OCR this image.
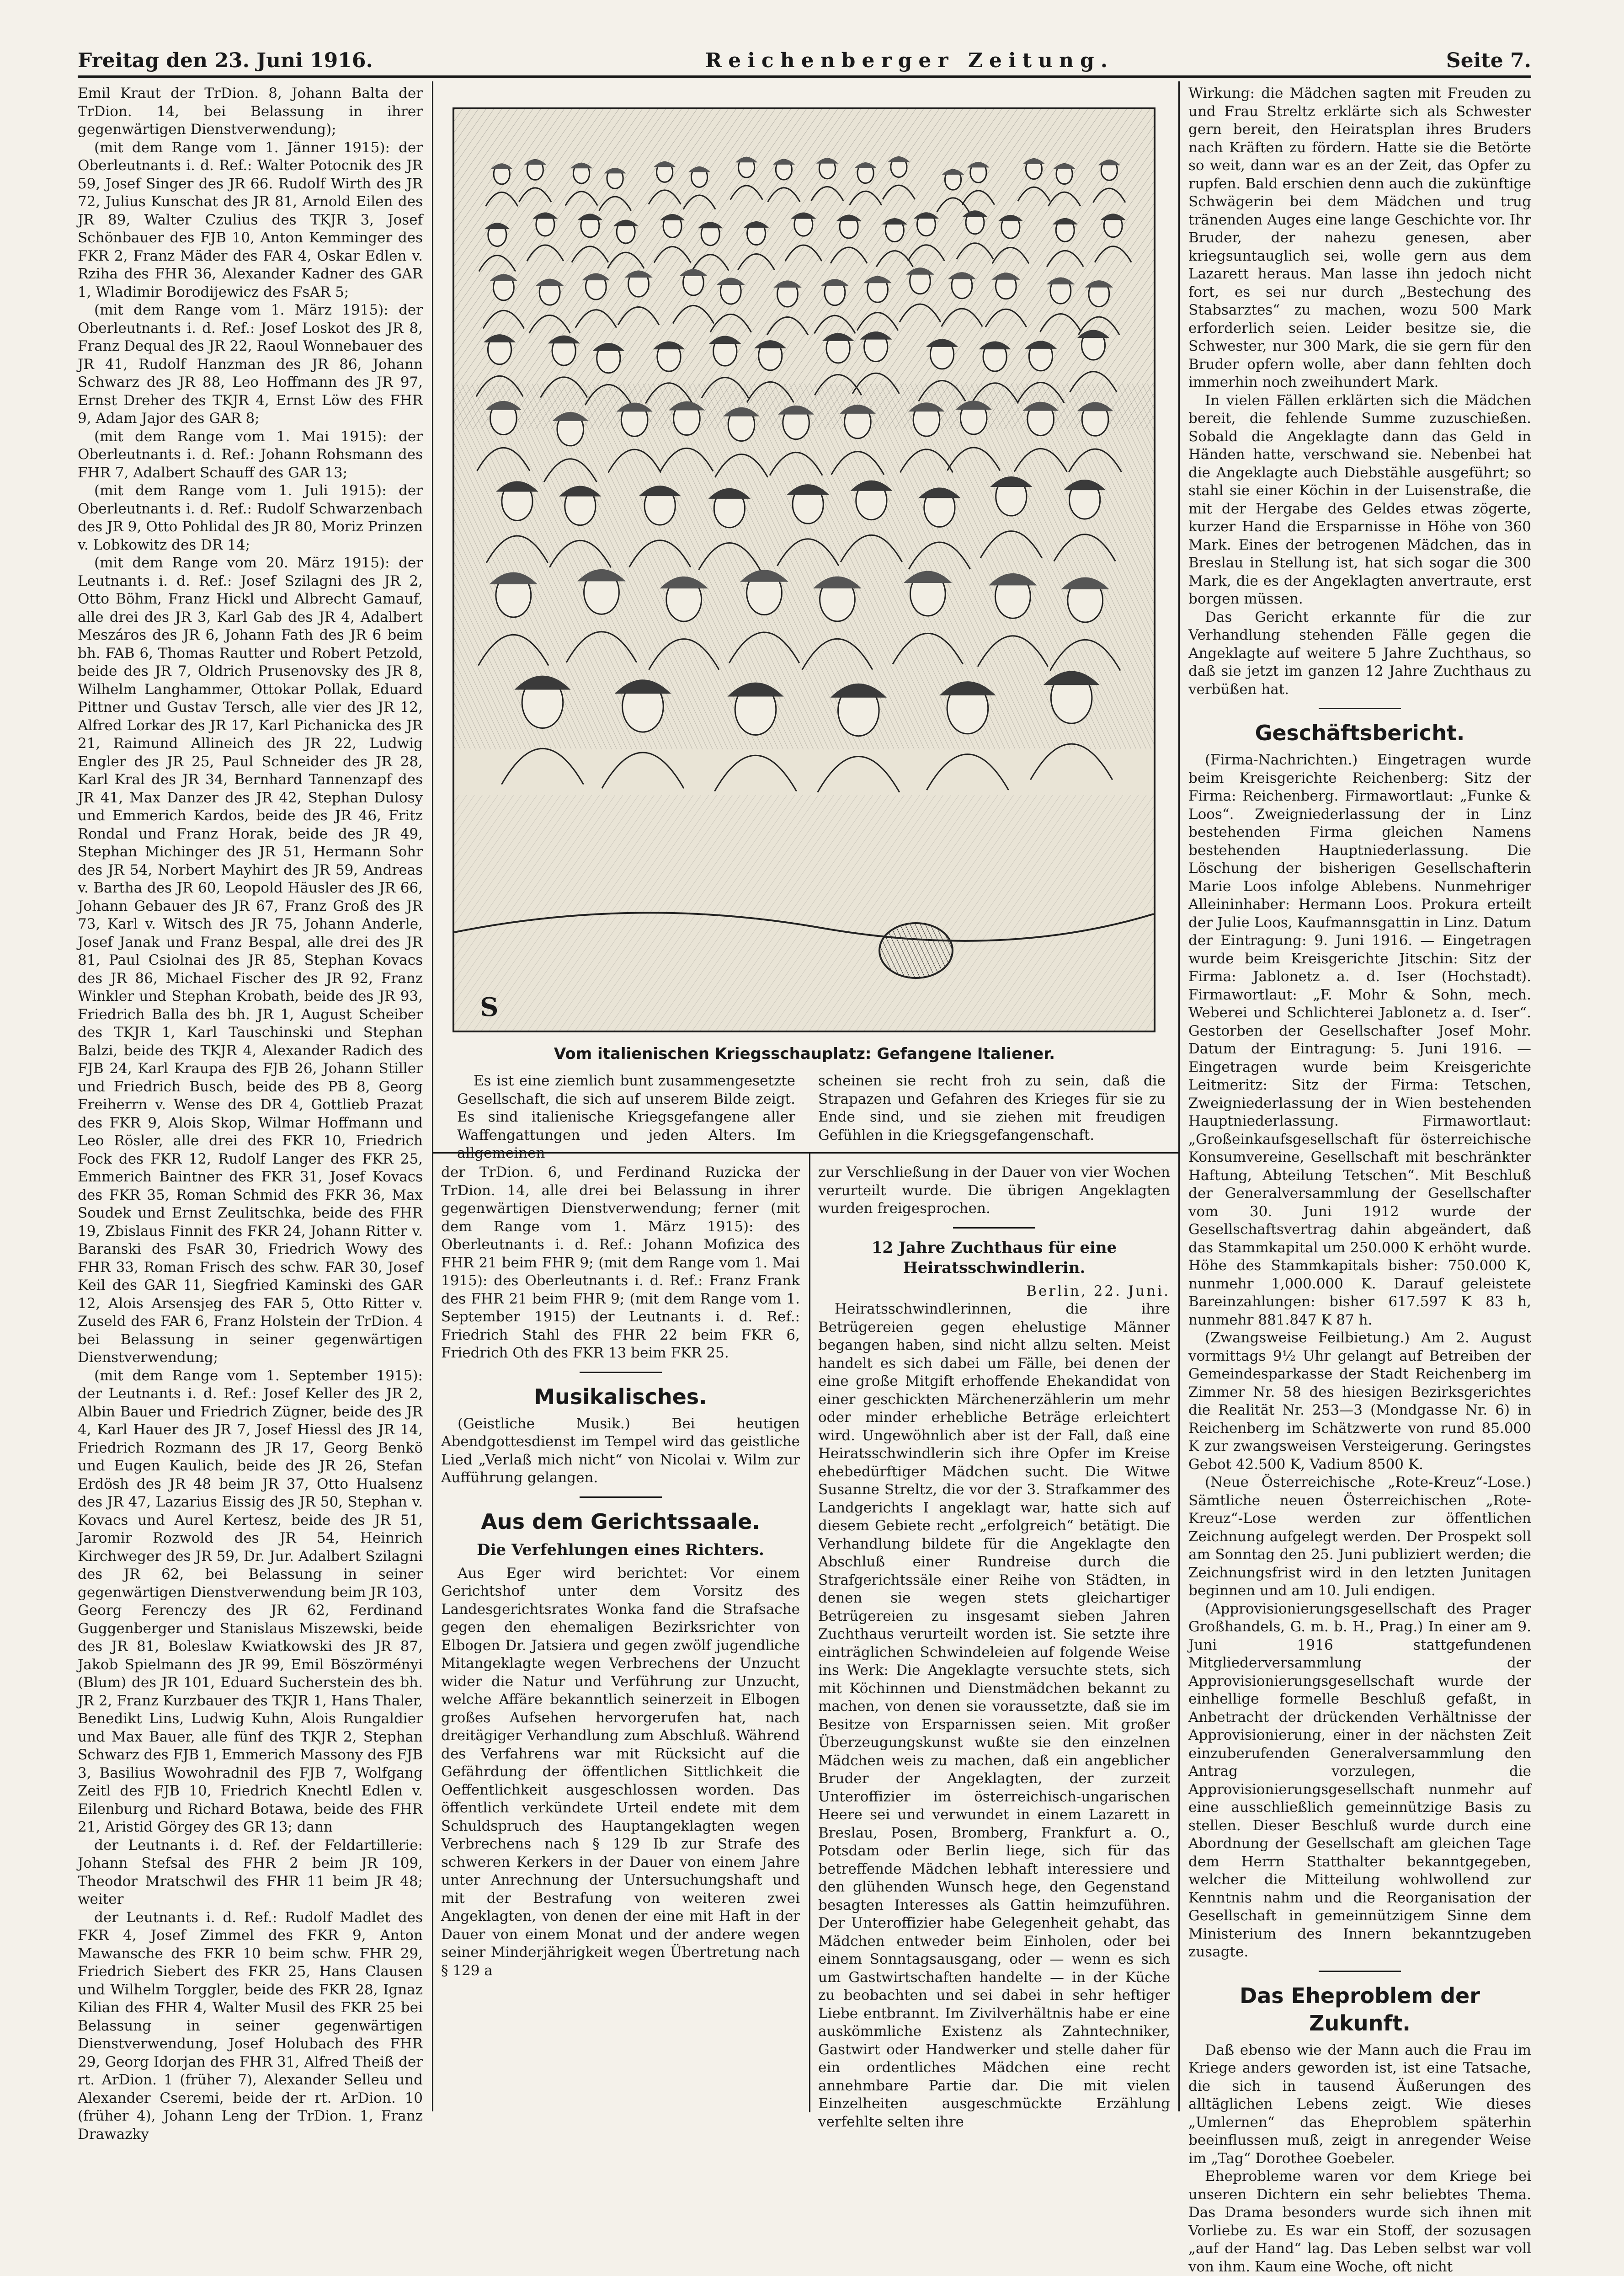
Freitag den 23. Juni 1916.	Reichenberger Zeitung.	Seite 7.

Emil Kraut der TrDion. 8, Johann Balta der TrDion. 14, bei Belassung in ihrer gegenwärtigen Dienstverwendung);

(mit dem Range vom 1. Jänner 1915): der Oberleutnants i. d. Ref.: Walter Potocnik des JR 59, Josef Singer des JR 66. Rudolf Wirth des JR 72, Julius Kunschat des JR 81, Arnold Eilen des JR 89, Walter Czulius des TKJR 3, Josef Schönbauer des FJB 10, Anton Kemminger des FKR 2, Franz Mäder des FAR 4, Oskar Edlen v. Rziha des FHR 36, Alexander Kadner des GAR 1, Wladimir Borodijewicz des FsAR 5;

(mit dem Range vom 1. März 1915): der Oberleutnants i. d. Ref.: Josef Loskot des JR 8, Franz Dequal des JR 22, Raoul Wonnebauer des JR 41, Rudolf Hanzman des JR 86, Johann Schwarz des JR 88, Leo Hoffmann des JR 97, Ernst Dreher des TKJR 4, Ernst Löw des FHR 9, Adam Jajor des GAR 8;

(mit dem Range vom 1. Mai 1915): der Oberleutnants i. d. Ref.: Johann Rohsmann des FHR 7, Adalbert Schauff des GAR 13;

(mit dem Range vom 1. Juli 1915): der Oberleutnants i. d. Ref.: Rudolf Schwarzenbach des JR 9, Otto Pohlidal des JR 80, Moriz Prinzen v. Lobkowitz des DR 14;

(mit dem Range vom 20. März 1915): der Leutnants i. d. Ref.: Josef Szilagni des JR 2, Otto Böhm, Franz Hickl und Albrecht Gamauf, alle drei des JR 3, Karl Gab des JR 4, Adalbert Meszáros des JR 6, Johann Fath des JR 6 beim bh. FAB 6, Thomas Rautter und Robert Petzold, beide des JR 7, Oldrich Prusenovsky des JR 8, Wilhelm Langhammer, Ottokar Pollak, Eduard Pittner und Gustav Tersch, alle vier des JR 12, Alfred Lorkar des JR 17, Karl Pichanicka des JR 21, Raimund Allineich des JR 22, Ludwig Engler des JR 25, Paul Schneider des JR 28, Karl Kral des JR 34, Bernhard Tannenzapf des JR 41, Max Danzer des JR 42, Stephan Dulosy und Emmerich Kardos, beide des JR 46, Fritz Rondal und Franz Horak, beide des JR 49, Stephan Michinger des JR 51, Hermann Sohr des JR 54, Norbert Mayhirt des JR 59, Andreas v. Bartha des JR 60, Leopold Häusler des JR 66, Johann Gebauer des JR 67, Franz Groß des JR 73, Karl v. Witsch des JR 75, Johann Anderle, Josef Janak und Franz Bespal, alle drei des JR 81, Paul Csiolnai des JR 85, Stephan Kovacs des JR 86, Michael Fischer des JR 92, Franz Winkler und Stephan Krobath, beide des JR 93, Friedrich Balla des bh. JR 1, August Scheiber des TKJR 1, Karl Tauschinski und Stephan Balzi, beide des TKJR 4, Alexander Radich des FJB 24, Karl Kraupa des FJB 26, Johann Stiller und Friedrich Busch, beide des PB 8, Georg Freiherrn v. Wense des DR 4, Gottlieb Prazat des FKR 9, Alois Skop, Wilmar Hoffmann und Leo Rösler, alle drei des FKR 10, Friedrich Fock des FKR 12, Rudolf Langer des FKR 25, Emmerich Baintner des FKR 31, Josef Kovacs des FKR 35, Roman Schmid des FKR 36, Max Soudek und Ernst Zeulitschka, beide des FHR 19, Zbislaus Finnit des FKR 24, Johann Ritter v. Baranski des FsAR 30, Friedrich Wowy des FHR 33, Roman Frisch des schw. FAR 30, Josef Keil des GAR 11, Siegfried Kaminski des GAR 12, Alois Arsensjeg des FAR 5, Otto Ritter v. Zuseld des FAR 6, Franz Holstein der TrDion. 4 bei Belassung in seiner gegenwärtigen Dienstverwendung;

(mit dem Range vom 1. September 1915): der Leutnants i. d. Ref.: Josef Keller des JR 2, Albin Bauer und Friedrich Zügner, beide des JR 4, Karl Hauer des JR 7, Josef Hiessl des JR 14, Friedrich Rozmann des JR 17, Georg Benkö und Eugen Kaulich, beide des JR 26, Stefan Erdösh des JR 48 beim JR 37, Otto Hualsenz des JR 47, Lazarius Eissig des JR 50, Stephan v. Kovacs und Aurel Kertesz, beide des JR 51, Jaromir Rozwold des JR 54, Heinrich Kirchweger des JR 59, Dr. Jur. Adalbert Szilagni des JR 62, bei Belassung in seiner gegenwärtigen Dienstverwendung beim JR 103, Georg Ferenczy des JR 62, Ferdinand Guggenberger und Stanislaus Miszewski, beide des JR 81, Boleslaw Kwiatkowski des JR 87, Jakob Spielmann des JR 99, Emil Böszörményi (Blum) des JR 101, Eduard Sucherstein des bh. JR 2, Franz Kurzbauer des TKJR 1, Hans Thaler, Benedikt Lins, Ludwig Kuhn, Alois Rungaldier und Max Bauer, alle fünf des TKJR 2, Stephan Schwarz des FJB 1, Emmerich Massony des FJB 3, Basilius Wowohradnil des FJB 7, Wolfgang Zeitl des FJB 10, Friedrich Knechtl Edlen v. Eilenburg und Richard Botawa, beide des FHR 21, Aristid Görgey des GR 13; dann

der Leutnants i. d. Ref. der Feldartillerie: Johann Stefsal des FHR 2 beim JR 109, Theodor Mratschwil des FHR 11 beim JR 48; weiter

der Leutnants i. d. Ref.: Rudolf Madlet des FKR 4, Josef Zimmel des FKR 9, Anton Mawansche des FKR 10 beim schw. FHR 29, Friedrich Siebert des FKR 25, Hans Clausen und Wilhelm Torggler, beide des FKR 28, Ignaz Kilian des FHR 4, Walter Musil des FKR 25 bei Belassung in seiner gegenwärtigen Dienstverwendung, Josef Holubach des FHR 29, Georg Idorjan des FHR 31, Alfred Theiß der rt. ArDion. 1 (früher 7), Alexander Selleu und Alexander Cseremi, beide der rt. ArDion. 10 (früher 4), Johann Leng der TrDion. 1, Franz Drawazky

S
Vom italienischen Kriegsschauplatz: Gefangene Italiener.

Es ist eine ziemlich bunt zusammengesetzte Gesellschaft, die sich auf unserem Bilde zeigt. Es sind italienische Kriegsgefangene aller Waffengattungen und jeden Alters. Im allgemeinen

scheinen sie recht froh zu sein, daß die Strapazen und Gefahren des Krieges für sie zu Ende sind, und sie ziehen mit freudigen Gefühlen in die Kriegsgefangenschaft.

der TrDion. 6, und Ferdinand Ruzicka der TrDion. 14, alle drei bei Belassung in ihrer gegenwärtigen Dienstverwendung; ferner (mit dem Range vom 1. März 1915): des Oberleutnants i. d. Ref.: Johann Mofizica des FHR 21 beim FHR 9; (mit dem Range vom 1. Mai 1915): des Oberleutnants i. d. Ref.: Franz Frank des FHR 21 beim FHR 9; (mit dem Range vom 1. September 1915) der Leutnants i. d. Ref.: Friedrich Stahl des FHR 22 beim FKR 6, Friedrich Oth des FKR 13 beim FKR 25.

Musikalisches.

(Geistliche Musik.) Bei heutigen Abendgottesdienst im Tempel wird das geistliche Lied „Verlaß mich nicht“ von Nicolai v. Wilm zur Aufführung gelangen.

Aus dem Gerichtssaale.
Die Verfehlungen eines Richters.

Aus Eger wird berichtet: Vor einem Gerichtshof unter dem Vorsitz des Landesgerichtsrates Wonka fand die Strafsache gegen den ehemaligen Bezirksrichter von Elbogen Dr. Jatsiera und gegen zwölf jugendliche Mitangeklagte wegen Verbrechens der Unzucht wider die Natur und Verführung zur Unzucht, welche Affäre bekanntlich seinerzeit in Elbogen großes Aufsehen hervorgerufen hat, nach dreitägiger Verhandlung zum Abschluß. Während des Verfahrens war mit Rücksicht auf die Gefährdung der öffentlichen Sittlichkeit die Oeffentlichkeit ausgeschlossen worden. Das öffentlich verkündete Urteil endete mit dem Schuldspruch des Hauptangeklagten wegen Verbrechens nach § 129 Ib zur Strafe des schweren Kerkers in der Dauer von einem Jahre unter Anrechnung der Untersuchungshaft und mit der Bestrafung von weiteren zwei Angeklagten, von denen der eine mit Haft in der Dauer von einem Monat und der andere wegen seiner Minderjährigkeit wegen Übertretung nach § 129 a

zur Verschließung in der Dauer von vier Wochen verurteilt wurde. Die übrigen Angeklagten wurden freigesprochen.

12 Jahre Zuchthaus für eine Heiratsschwindlerin.

Berlin, 22. Juni.

Heiratsschwindlerinnen, die ihre Betrügereien gegen ehelustige Männer begangen haben, sind nicht allzu selten. Meist handelt es sich dabei um Fälle, bei denen der eine große Mitgift erhoffende Ehekandidat von einer geschickten Märchenerzählerin um mehr oder minder erhebliche Beträge erleichtert wird. Ungewöhnlich aber ist der Fall, daß eine Heiratsschwindlerin sich ihre Opfer im Kreise ehebedürftiger Mädchen sucht. Die Witwe Susanne Streltz, die vor der 3. Strafkammer des Landgerichts I angeklagt war, hatte sich auf diesem Gebiete recht „erfolgreich“ betätigt. Die Verhandlung bildete für die Angeklagte den Abschluß einer Rundreise durch die Strafgerichtssäle einer Reihe von Städten, in denen sie wegen stets gleichartiger Betrügereien zu insgesamt sieben Jahren Zuchthaus verurteilt worden ist. Sie setzte ihre einträglichen Schwindeleien auf folgende Weise ins Werk: Die Angeklagte versuchte stets, sich mit Köchinnen und Dienstmädchen bekannt zu machen, von denen sie voraussetzte, daß sie im Besitze von Ersparnissen seien. Mit großer Überzeugungskunst wußte sie den einzelnen Mädchen weis zu machen, daß ein angeblicher Bruder der Angeklagten, der zurzeit Unteroffizier im österreichisch-ungarischen Heere sei und verwundet in einem Lazarett in Breslau, Posen, Bromberg, Frankfurt a. O., Potsdam oder Berlin liege, sich für das betreffende Mädchen lebhaft interessiere und den glühenden Wunsch hege, den Gegenstand besagten Interesses als Gattin heimzuführen. Der Unteroffizier habe Gelegenheit gehabt, das Mädchen entweder beim Einholen, oder bei einem Sonntagsausgang, oder — wenn es sich um Gastwirtschaften handelte — in der Küche zu beobachten und sei dabei in sehr heftiger Liebe entbrannt. Im Zivilverhältnis habe er eine auskömmliche Existenz als Zahntechniker, Gastwirt oder Handwerker und stelle daher für ein ordentliches Mädchen eine recht annehmbare Partie dar. Die mit vielen Einzelheiten ausgeschmückte Erzählung verfehlte selten ihre

Wirkung: die Mädchen sagten mit Freuden zu und Frau Streltz erklärte sich als Schwester gern bereit, den Heiratsplan ihres Bruders nach Kräften zu fördern. Hatte sie die Betörte so weit, dann war es an der Zeit, das Opfer zu rupfen. Bald erschien denn auch die zukünftige Schwägerin bei dem Mädchen und trug tränenden Auges eine lange Geschichte vor. Ihr Bruder, der nahezu genesen, aber kriegsuntauglich sei, wolle gern aus dem Lazarett heraus. Man lasse ihn jedoch nicht fort, es sei nur durch „Bestechung des Stabsarztes“ zu machen, wozu 500 Mark erforderlich seien. Leider besitze sie, die Schwester, nur 300 Mark, die sie gern für den Bruder opfern wolle, aber dann fehlten doch immerhin noch zweihundert Mark.

In vielen Fällen erklärten sich die Mädchen bereit, die fehlende Summe zuzuschießen. Sobald die Angeklagte dann das Geld in Händen hatte, verschwand sie. Nebenbei hat die Angeklagte auch Diebstähle ausgeführt; so stahl sie einer Köchin in der Luisenstraße, die mit der Hergabe des Geldes etwas zögerte, kurzer Hand die Ersparnisse in Höhe von 360 Mark. Eines der betrogenen Mädchen, das in Breslau in Stellung ist, hat sich sogar die 300 Mark, die es der Angeklagten anvertraute, erst borgen müssen.

Das Gericht erkannte für die zur Verhandlung stehenden Fälle gegen die Angeklagte auf weitere 5 Jahre Zuchthaus, so daß sie jetzt im ganzen 12 Jahre Zuchthaus zu verbüßen hat.

Geschäftsbericht.

(Firma-Nachrichten.) Eingetragen wurde beim Kreisgerichte Reichenberg: Sitz der Firma: Reichenberg. Firmawortlaut: „Funke & Loos“. Zweigniederlassung der in Linz bestehenden Firma gleichen Namens bestehenden Hauptniederlassung. Die Löschung der bisherigen Gesellschafterin Marie Loos infolge Ablebens. Nunmehriger Alleininhaber: Hermann Loos. Prokura erteilt der Julie Loos, Kaufmannsgattin in Linz. Datum der Eintragung: 9. Juni 1916. — Eingetragen wurde beim Kreisgerichte Jitschin: Sitz der Firma: Jablonetz a. d. Iser (Hochstadt). Firmawortlaut: „F. Mohr & Sohn, mech. Weberei und Schlichterei Jablonetz a. d. Iser“. Gestorben der Gesellschafter Josef Mohr. Datum der Eintragung: 5. Juni 1916. — Eingetragen wurde beim Kreisgerichte Leitmeritz: Sitz der Firma: Tetschen, Zweigniederlassung der in Wien bestehenden Hauptniederlassung. Firmawortlaut: „Großeinkaufsgesellschaft für österreichische Konsumvereine, Gesellschaft mit beschränkter Haftung, Abteilung Tetschen“. Mit Beschluß der Generalversammlung der Gesellschafter vom 30. Juni 1912 wurde der Gesellschaftsvertrag dahin abgeändert, daß das Stammkapital um 250.000 K erhöht wurde. Höhe des Stammkapitals bisher: 750.000 K, nunmehr 1,000.000 K. Darauf geleistete Bareinzahlungen: bisher 617.597 K 83 h, nunmehr 881.847 K 87 h.

(Zwangsweise Feilbietung.) Am 2. August vormittags 9½ Uhr gelangt auf Betreiben der Gemeindesparkasse der Stadt Reichenberg im Zimmer Nr. 58 des hiesigen Bezirksgerichtes die Realität Nr. 253—3 (Mondgasse Nr. 6) in Reichenberg im Schätzwerte von rund 85.000 K zur zwangsweisen Versteigerung. Geringstes Gebot 42.500 K, Vadium 8500 K.

(Neue Österreichische „Rote-Kreuz“-Lose.) Sämtliche neuen Österreichischen „Rote-Kreuz“-Lose werden zur öffentlichen Zeichnung aufgelegt werden. Der Prospekt soll am Sonntag den 25. Juni publiziert werden; die Zeichnungsfrist wird in den letzten Junitagen beginnen und am 10. Juli endigen.

(Approvisionierungsgesellschaft des Prager Großhandels, G. m. b. H., Prag.) In einer am 9. Juni 1916 stattgefundenen Mitgliederversammlung der Approvisionierungsgesellschaft wurde der einhellige formelle Beschluß gefaßt, in Anbetracht der drückenden Verhältnisse der Approvisionierung, einer in der nächsten Zeit einzuberufenden Generalversammlung den Antrag vorzulegen, die Approvisionierungsgesellschaft nunmehr auf eine ausschließlich gemeinnützige Basis zu stellen. Dieser Beschluß wurde durch eine Abordnung der Gesellschaft am gleichen Tage dem Herrn Statthalter bekanntgegeben, welcher die Mitteilung wohlwollend zur Kenntnis nahm und die Reorganisation der Gesellschaft in gemeinnützigem Sinne dem Ministerium des Innern bekanntzugeben zusagte.

Das Eheproblem der Zukunft.

Daß ebenso wie der Mann auch die Frau im Kriege anders geworden ist, ist eine Tatsache, die sich in tausend Äußerungen des alltäglichen Lebens zeigt. Wie dieses „Umlernen“ das Eheproblem späterhin beeinflussen muß, zeigt in anregender Weise im „Tag“ Dorothee Goebeler.

Eheprobleme waren vor dem Kriege bei unseren Dichtern ein sehr beliebtes Thema. Das Drama besonders wurde sich ihnen mit Vorliebe zu. Es war ein Stoff, der sozusagen „auf der Hand“ lag. Das Leben selbst war voll von ihm. Kaum eine Woche, oft nicht
